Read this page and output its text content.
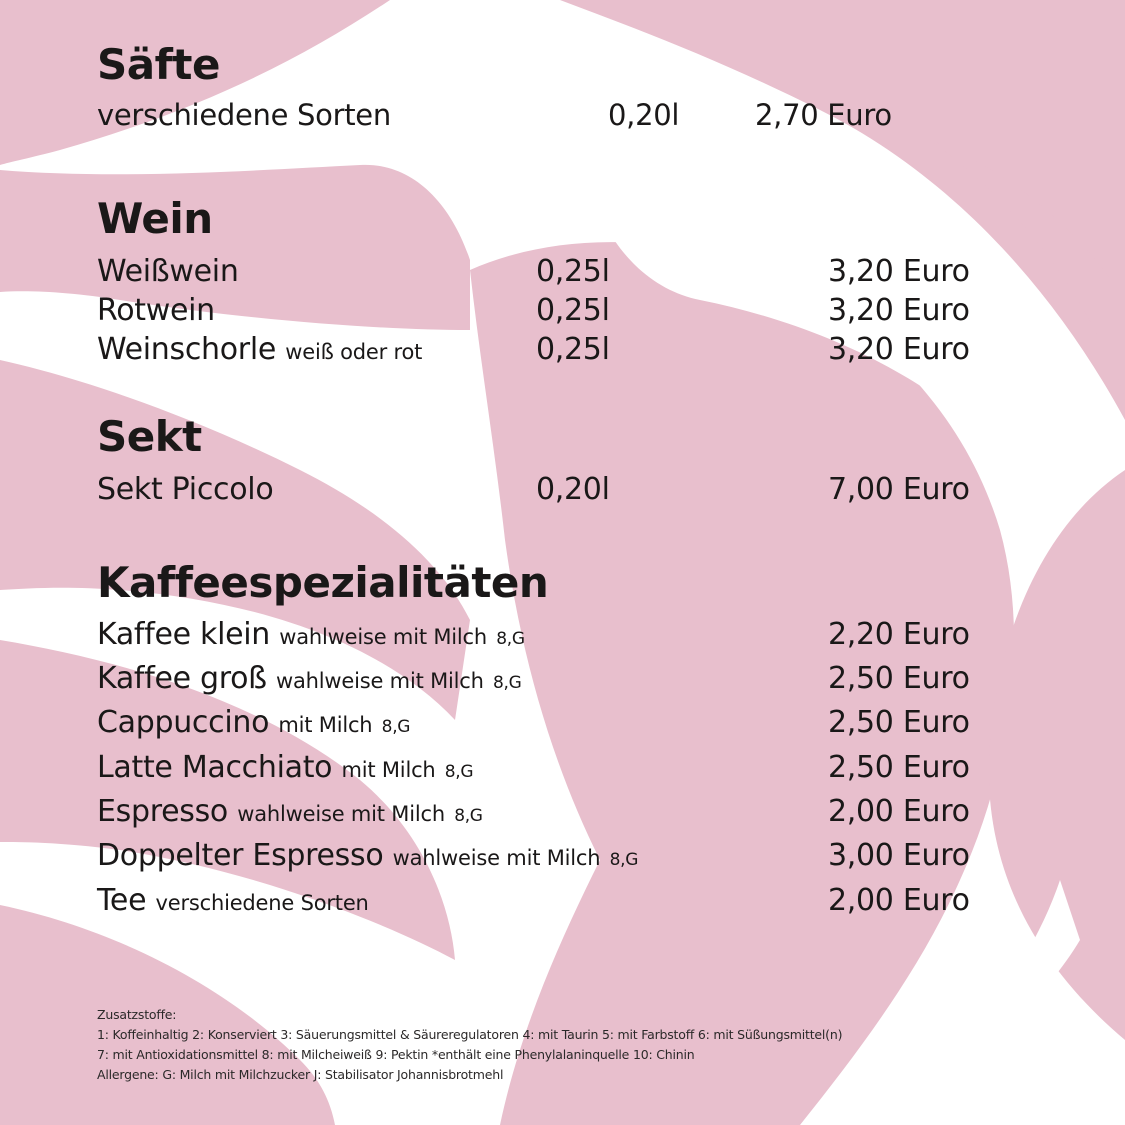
Säfte
verschiedene Sorten	0,20l	2,70 Euro
Wein
Weißwein	0,25l	3,20 Euro
Rotwein	0,25l	3,20 Euro
Weinschorle weiß oder rot	0,25l	3,20 Euro
Sekt
Sekt Piccolo	0,20l	7,00 Euro
Kaffeespezialitäten
Kaffee klein wahlweise mit Milch 8,G	2,20 Euro
Kaffee groß wahlweise mit Milch 8,G	2,50 Euro
Cappuccino mit Milch 8,G	2,50 Euro
Latte Macchiato mit Milch 8,G	2,50 Euro
Espresso wahlweise mit Milch 8,G	2,00 Euro
Doppelter Espresso wahlweise mit Milch 8,G	3,00 Euro
Tee verschiedene Sorten	2,00 Euro
Zusatzstoffe:
1: Koffeinhaltig 2: Konserviert 3: Säuerungsmittel & Säureregulatoren 4: mit Taurin 5: mit Farbstoff 6: mit Süßungsmittel(n)
7: mit Antioxidationsmittel 8: mit Milcheiweiß 9: Pektin *enthält eine Phenylalaninquelle 10: Chinin
Allergene: G: Milch mit Milchzucker J: Stabilisator Johannisbrotmehl
